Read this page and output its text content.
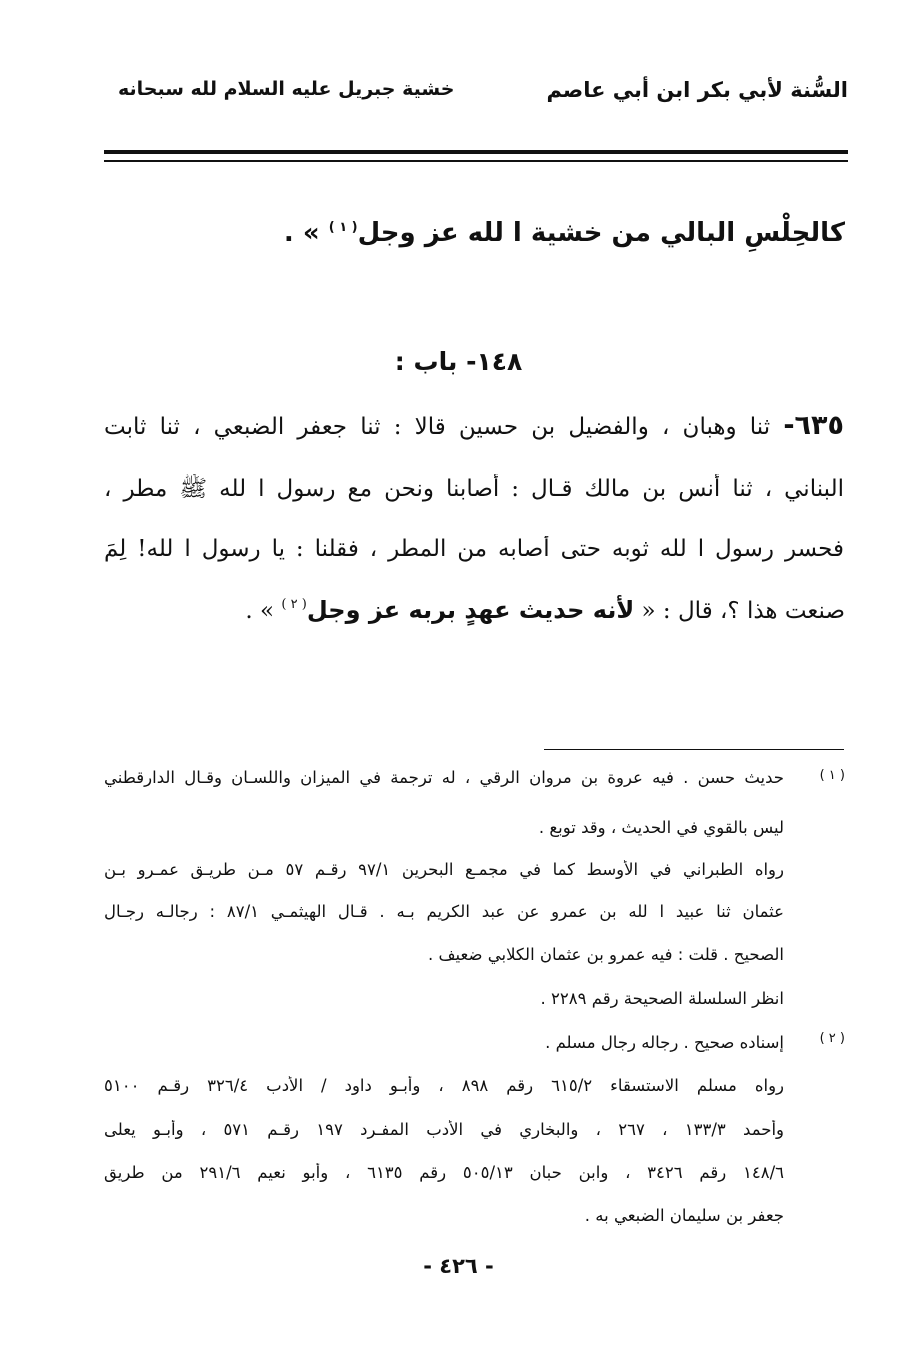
السُّنة لأبي بكر ابن أبي عاصم
خشية جبريل عليه السلام لله سبحانه
كالحِلْسِ البالي من خشية ا لله عز وجل$^{( ١ )}$ » .
١٤٨- باب :
٦٣٥- ثنا وهبان ، والفضيل بن حسين قالا : ثنا جعفر الضبعي ، ثنا ثابت
البناني ، ثنا أنس بن مالك قـال : أصابنا ونحن مع رسول ا لله ﷺ مطر ،
فحسر رسول ا لله ثوبه حتى أصابه من المطر ، فقلنا : يا رسول ا لله! لِمَ
صنعت هذا ؟، قال : « لأنه حديث عهدٍ بربه عز وجل$^{( ٢ )}$ » .
( ١ )
حديث حسن . فيه عروة بن مروان الرقي ، له ترجمة في الميزان واللسـان وقـال الدارقطني
ليس بالقوي في الحديث ، وقد توبع .
رواه الطبراني في الأوسط كما في مجمـع البحرين ٩٧/١ رقـم ٥٧ مـن طريـق عمـرو بـن
عثمان ثنا عبيد ا لله بن عمرو عن عبد الكريم بـه . قـال الهيثمـي ٨٧/١ : رجالـه رجـال
الصحيح . قلت : فيه عمرو بن عثمان الكلابي ضعيف .
انظر السلسلة الصحيحة رقم ٢٢٨٩ .
( ٢ )
إسناده صحيح . رجاله رجال مسلم .
رواه مسلم الاستسقاء ٦١٥/٢ رقم ٨٩٨ ، وأبـو داود / الأدب ٣٢٦/٤ رقـم ٥١٠٠
وأحمد ١٣٣/٣ ، ٢٦٧ ، والبخاري في الأدب المفـرد ١٩٧ رقـم ٥٧١ ، وأبـو يعلى
١٤٨/٦ رقم ٣٤٢٦ ، وابن حبان ٥٠٥/١٣ رقم ٦١٣٥ ، وأبو نعيم ٢٩١/٦ من طريق
جعفر بن سليمان الضبعي به .
- ٤٢٦ -
